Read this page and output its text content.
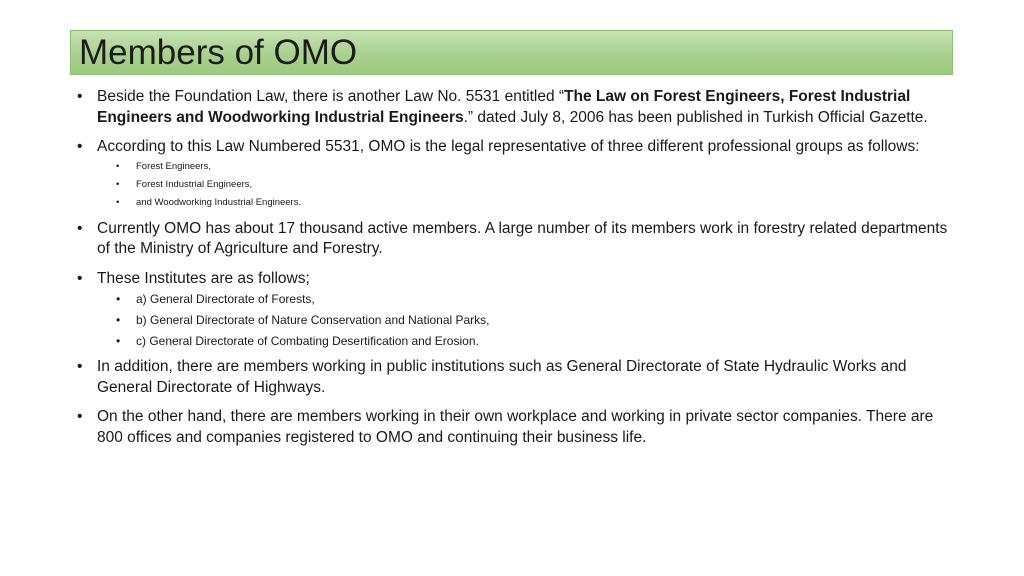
Members of OMO

• Beside the Foundation Law, there is another Law No. 5531 entitled “The Law on Forest Engineers, Forest Industrial Engineers and Woodworking Industrial Engineers.” dated July 8, 2006 has been published in Turkish Official Gazette.

• According to this Law Numbered 5531, OMO is the legal representative of three different professional groups as follows:

• Forest Engineers,

• Forest Industrial Engineers,

• and Woodworking Industrial Engineers.

• Currently OMO has about 17 thousand active members. A large number of its members work in forestry related departments of the Ministry of Agriculture and Forestry.

• These Institutes are as follows;

• a) General Directorate of Forests,

• b) General Directorate of Nature Conservation and National Parks,

• c) General Directorate of Combating Desertification and Erosion.

• In addition, there are members working in public institutions such as General Directorate of State Hydraulic Works and General Directorate of Highways.

• On the other hand, there are members working in their own workplace and working in private sector companies. There are 800 offices and companies registered to OMO and continuing their business life.
